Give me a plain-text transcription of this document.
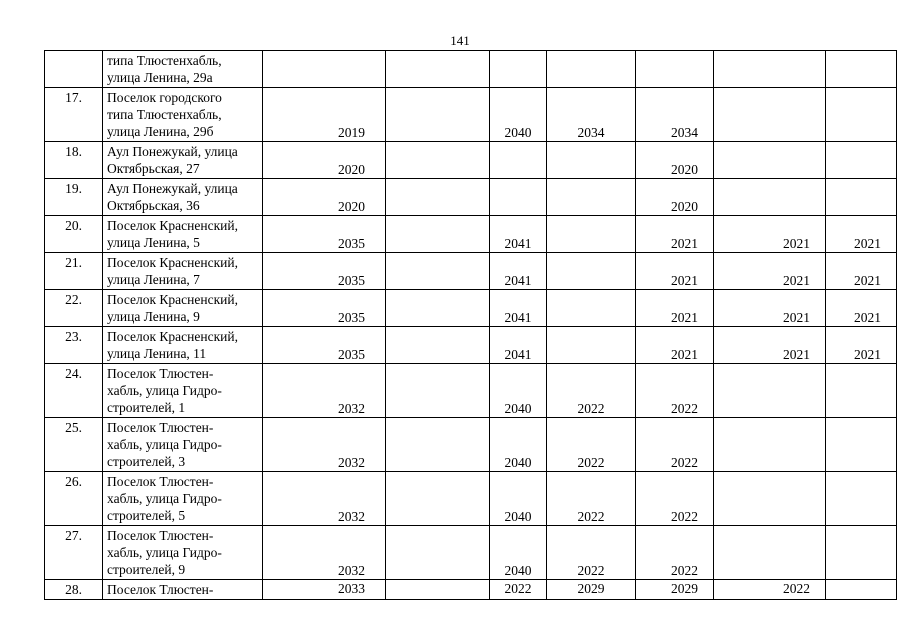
141

	типа Тлюстенхабль,
улица Ленина, 29а							

17.	Поселок городского
типа Тлюстенхабль,
улица Ленина, 29б	2019		2040	2034	2034		
18.	Аул Понежукай, улица
Октябрьская, 27	2020				2020		
19.	Аул Понежукай, улица
Октябрьская, 36	2020				2020		
20.	Поселок Красненский,
улица Ленина, 5	2035		2041		2021	2021	2021
21.	Поселок Красненский,
улица Ленина, 7	2035		2041		2021	2021	2021
22.	Поселок Красненский,
улица Ленина, 9	2035		2041		2021	2021	2021
23.	Поселок Красненский,
улица Ленина, 11	2035		2041		2021	2021	2021
24.	Поселок Тлюстен-
хабль, улица Гидро-
строителей, 1	2032		2040	2022	2022		
25.	Поселок Тлюстен-
хабль, улица Гидро-
строителей, 3	2032		2040	2022	2022		
26.	Поселок Тлюстен-
хабль, улица Гидро-
строителей, 5	2032		2040	2022	2022		
27.	Поселок Тлюстен-
хабль, улица Гидро-
строителей, 9	2032		2040	2022	2022		
28.	Поселок Тлюстен-	2033		2022	2029	2029	2022	
